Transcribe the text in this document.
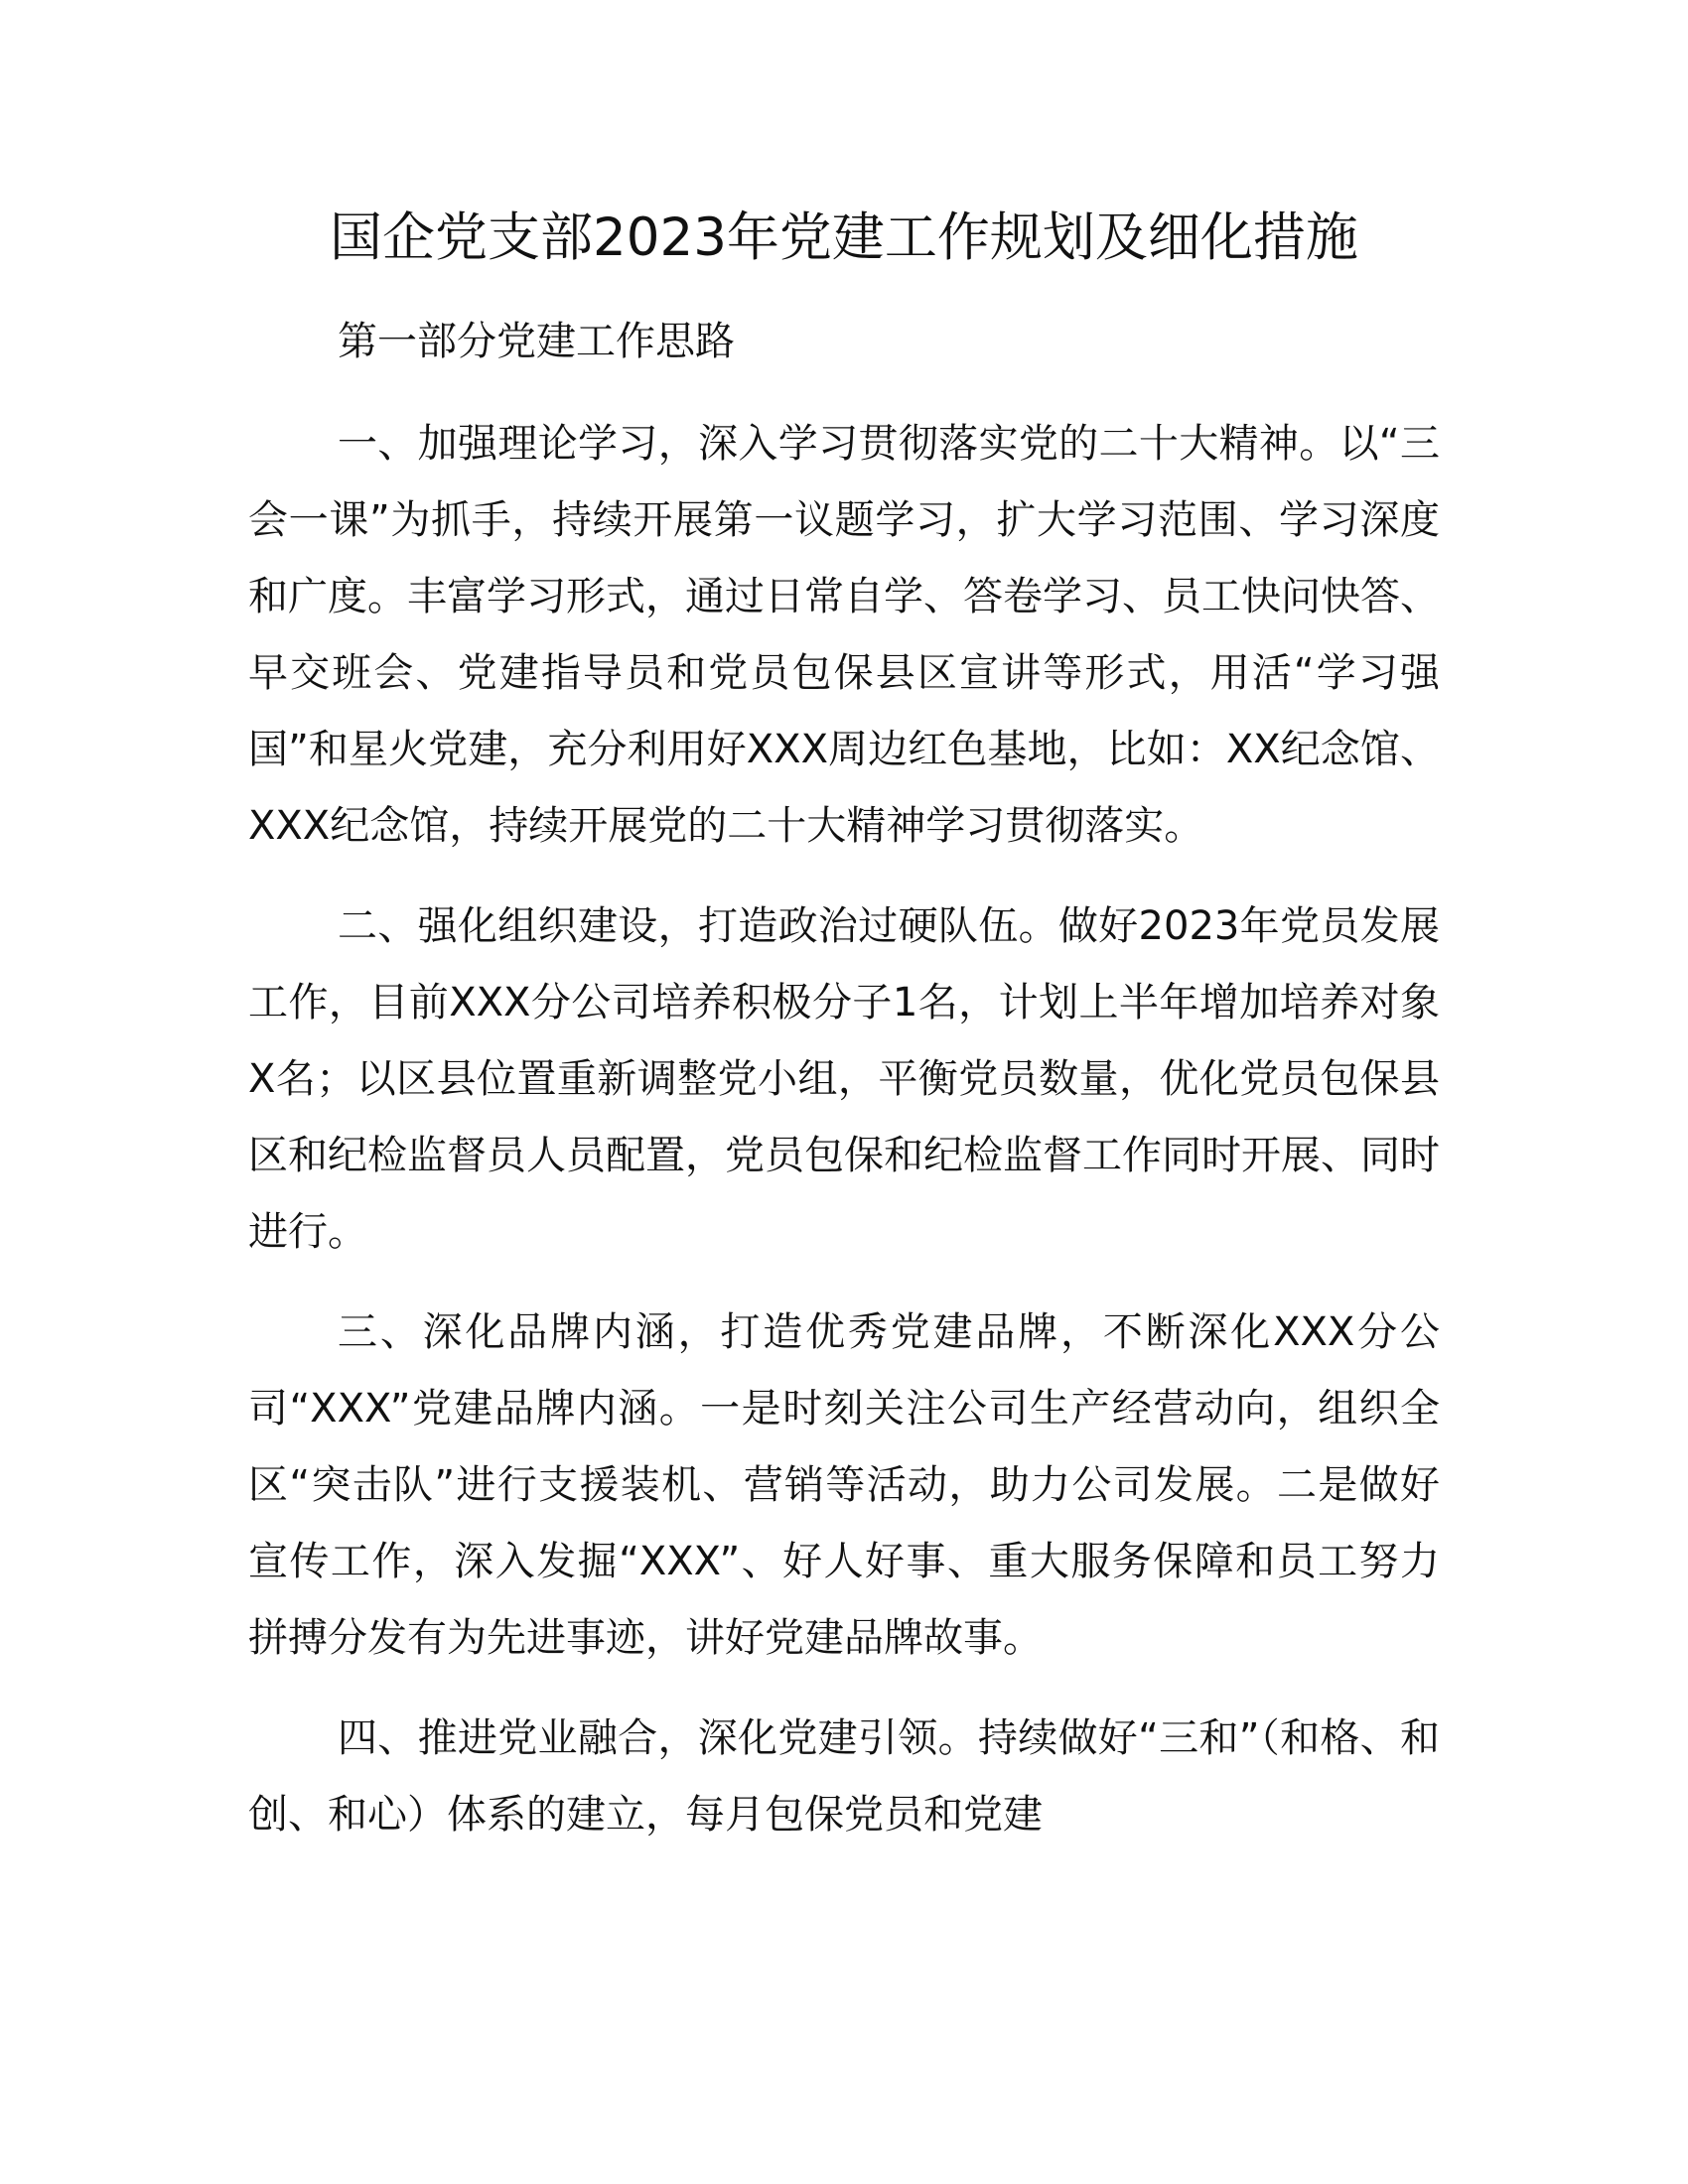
国企党支部2023年党建工作规划及细化措施

第一部分党建工作思路

一、加强理论学习，深入学习贯彻落实党的二十大精神。以“三会一课”为抓手，持续开展第一议题学习，扩大学习范围、学习深度和广度。丰富学习形式，通过日常自学、答卷学习、员工快问快答、早交班会、党建指导员和党员包保县区宣讲等形式，用活“学习强国”和星火党建，充分利用好XXX周边红色基地，比如：XX纪念馆、XXX纪念馆，持续开展党的二十大精神学习贯彻落实。

二、强化组织建设，打造政治过硬队伍。做好2023年党员发展工作，目前XXX分公司培养积极分子1名，计划上半年增加培养对象X名；以区县位置重新调整党小组，平衡党员数量，优化党员包保县区和纪检监督员人员配置，党员包保和纪检监督工作同时开展、同时进行。

三、深化品牌内涵，打造优秀党建品牌，不断深化XXX分公司“XXX”党建品牌内涵。一是时刻关注公司生产经营动向，组织全区“突击队”进行支援装机、营销等活动，助力公司发展。二是做好宣传工作，深入发掘“XXX”、好人好事、重大服务保障和员工努力拼搏分发有为先进事迹，讲好党建品牌故事。

四、推进党业融合，深化党建引领。持续做好“三和”（和格、和创、和心）体系的建立，每月包保党员和党建
